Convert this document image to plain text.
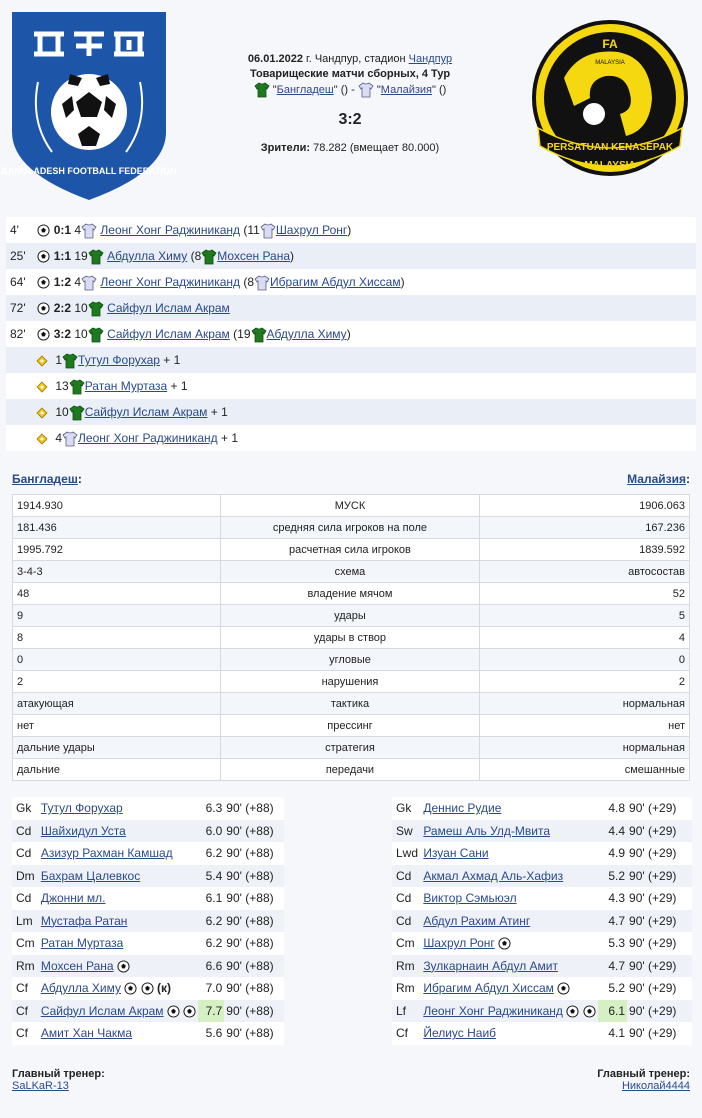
BANGLADESH FOOTBALL FEDERATION
06.01.2022 г. Чандпур, стадион Чандпур
Товарищеские матчи сборных, 4 Тур
"Бангладеш" () -  "Малайзия" ()
3:2
Зрители: 78.282 (вмещает 80.000)
FA
MALAYSIA
PERSATUAN KENASEPAK
MALAYSIA
4'	0:1 4 Леонг Хонг Раджиниканд (11 Шахрул Ронг)
25' 1:1 19 Абдулла Химу (8 Мохсен Рана)
64' 1:2 4 Леонг Хонг Раджиниканд (8 Ибрагим Абдул Хиссам)
72' 2:2 10 Сайфул Ислам Акрам
82' 3:2 10 Сайфул Ислам Акрам (19 Абдулла Химу)
1 Тутул Форухар + 1
13 Ратан Муртаза + 1
10 Сайфул Ислам Акрам + 1
4 Леонг Хонг Раджиниканд + 1
Бангладеш:	Малайзия:
1914.930	МУСК	1906.063
181.436	средняя сила игроков на поле	167.236
1995.792	расчетная сила игроков	1839.592
3-4-3	схема	автосостав
48	владение мячом	52
9	удары	5
8	удары в створ	4
0	угловые	0
2	нарушения	2
атакующая	тактика	нормальная
нет	прессинг	нет
дальние удары	стратегия	нормальная
дальние	передачи	смешанные
Gk	Тутул Форухар	6.3	90' (+88)
Cd	Шайхидул Уста	6.0	90' (+88)
Cd	Азизур Рахман Камшад	6.2	90' (+88)
Dm	Бахрам Цалевкос	5.4	90' (+88)
Cd	Джонни мл.	6.1	90' (+88)
Lm	Мустафа Ратан	6.2	90' (+88)
Cm	Ратан Муртаза	6.2	90' (+88)
Rm	Мохсен Рана	6.6	90' (+88)
Cf	Абдулла Химу (к)	7.0	90' (+88)
Cf	Сайфул Ислам Акрам	7.7	90' (+88)
Cf	Амит Хан Чакма	5.6	90' (+88)
Gk	Деннис Рудие	4.8	90' (+29)
Sw	Рамеш Аль Улд-Мвита	4.4	90' (+29)
Lwd	Изуан Сани	4.9	90' (+29)
Cd	Акмал Ахмад Аль-Хафиз	5.2	90' (+29)
Cd	Виктор Сэмьюэл	4.3	90' (+29)
Cd	Абдул Рахим Атинг	4.7	90' (+29)
Cm	Шахрул Ронг	5.3	90' (+29)
Rm	Зулкарнаин Абдул Амит	4.7	90' (+29)
Rm	Ибрагим Абдул Хиссам	5.2	90' (+29)
Lf	Леонг Хонг Раджиниканд	6.1	90' (+29)
Cf	Йелиус Наиб	4.1	90' (+29)
Главный тренер:
SaLKaR-13
Главный тренер:
Николай4444
